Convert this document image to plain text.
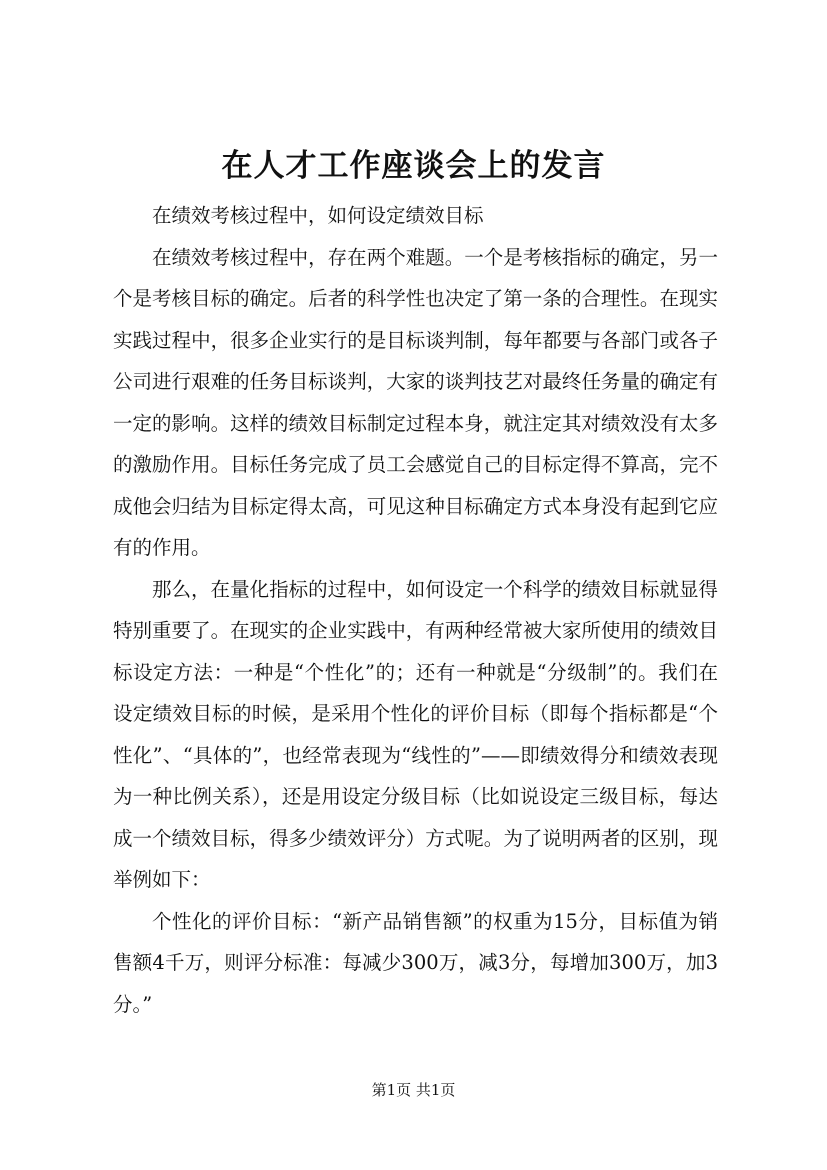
在人才工作座谈会上的发言

在绩效考核过程中，如何设定绩效目标

在绩效考核过程中，存在两个难题。一个是考核指标的确定，另一个是考核目标的确定。后者的科学性也决定了第一条的合理性。在现实实践过程中，很多企业实行的是目标谈判制，每年都要与各部门或各子公司进行艰难的任务目标谈判，大家的谈判技艺对最终任务量的确定有一定的影响。这样的绩效目标制定过程本身，就注定其对绩效没有太多的激励作用。目标任务完成了员工会感觉自己的目标定得不算高，完不成他会归结为目标定得太高，可见这种目标确定方式本身没有起到它应有的作用。

那么，在量化指标的过程中，如何设定一个科学的绩效目标就显得特别重要了。在现实的企业实践中，有两种经常被大家所使用的绩效目标设定方法：一种是“个性化”的；还有一种就是“分级制”的。我们在设定绩效目标的时候，是采用个性化的评价目标（即每个指标都是“个性化”、“具体的”，也经常表现为“线性的”——即绩效得分和绩效表现为一种比例关系），还是用设定分级目标（比如说设定三级目标，每达成一个绩效目标，得多少绩效评分）方式呢。为了说明两者的区别，现举例如下：

个性化的评价目标：“新产品销售额”的权重为15分，目标值为销售额4千万，则评分标准：每减少300万，减3分，每增加300万，加3分。”

第1页 共1页
